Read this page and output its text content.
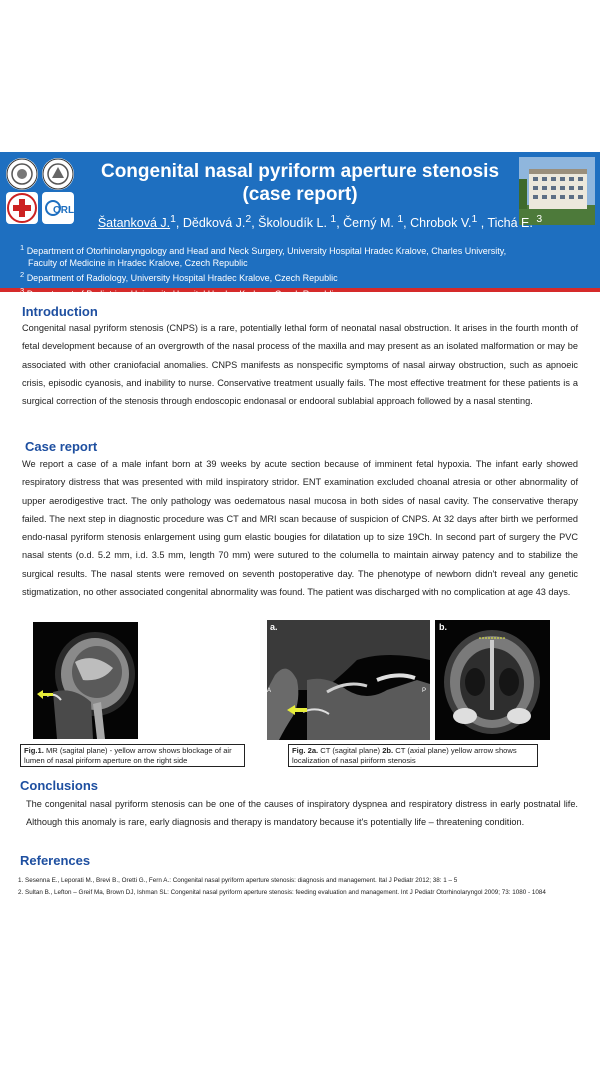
ORL
Congenital nasal pyriform aperture stenosis
(case report)
Šatanková J.$^1$, Dědková J.$^2$, Školoudík L. $^1$, Černý M. $^1$, Chrobok V.$^1$ , Tichá E. $^3$
$^1$ Department of Otorhinolaryngology and Head and Neck Surgery, University Hospital Hradec Kralove, Charles University,
Faculty of Medicine in Hradec Kralove, Czech Republic
$^2$ Department of Radiology, University Hospital Hradec Kralove, Czech Republic
$^3$ Department of Pediatrics, University Hospital Hradec Kralove, Czech Republic
Introduction
Congenital nasal pyriform stenosis (CNPS) is a rare, potentially lethal form of neonatal nasal obstruction. It arises in the fourth month of fetal development because of an overgrowth of the nasal process of the maxilla and may present as an isolated malformation or may be associated with other craniofacial anomalies. CNPS manifests as nonspecific symptoms of nasal airway obstruction, such as apnoeic crisis, episodic cyanosis, and inability to nurse. Conservative treatment usually fails. The most effective treatment for these patients is a surgical correction of the stenosis through endoscopic endonasal or endooral sublabial approach followed by a nasal stenting.
Case report
We report a case of a male infant born at 39 weeks by acute section because of imminent fetal hypoxia. The infant early showed respiratory distress that was presented with mild inspiratory stridor. ENT examination excluded choanal atresia or other abnormality of upper aerodigestive tract. The only pathology was oedematous nasal mucosa in both sides of nasal cavity. The conservative therapy failed. The next step in diagnostic procedure was CT and MRI scan because of suspicion of CNPS. At 32 days after birth we performed endo-nasal pyriform stenosis enlargement using gum elastic bougies for dilatation up to size 19Ch. In second part of surgery the PVC nasal stents (o.d. 5.2 mm, i.d. 3.5 mm, length 70 mm) were sutured to the columella to maintain airway patency and to stabilize the surgical results. The nasal stents were removed on seventh postoperative day. The phenotype of newborn didn't reveal any genetic stigmatization, no other associated congenital abnormality was found. The patient was discharged with no complication at age 43 days.
Fig.1. MR (sagital plane) - yellow arrow shows blockage of air lumen of nasal piriform aperture on the right side
a.
A	P
b.
Fig. 2a. CT (sagital plane) 2b. CT (axial plane) yellow arrow shows localization of nasal piriform stenosis
Conclusions
The congenital nasal pyriform stenosis can be one of the causes of inspiratory dyspnea and respiratory distress in early postnatal life. Although this anomaly is rare, early diagnosis and therapy is mandatory because it's potentially life – threatening condition.
References
1. Sesenna E., Leporati M., Brevi B., Oretti G., Fern A.: Congenital nasal pyriform aperture stenosis: diagnosis and management. Ital J Pediatr 2012; 38: 1 – 5
2. Sultan B., Lefton – Greif Ma, Brown DJ, Ishman SL: Congenital nasal pyriform aperture stenosis: feeding evaluation and management. Int J Pediatr Otorhinolaryngol 2009; 73: 1080 - 1084
